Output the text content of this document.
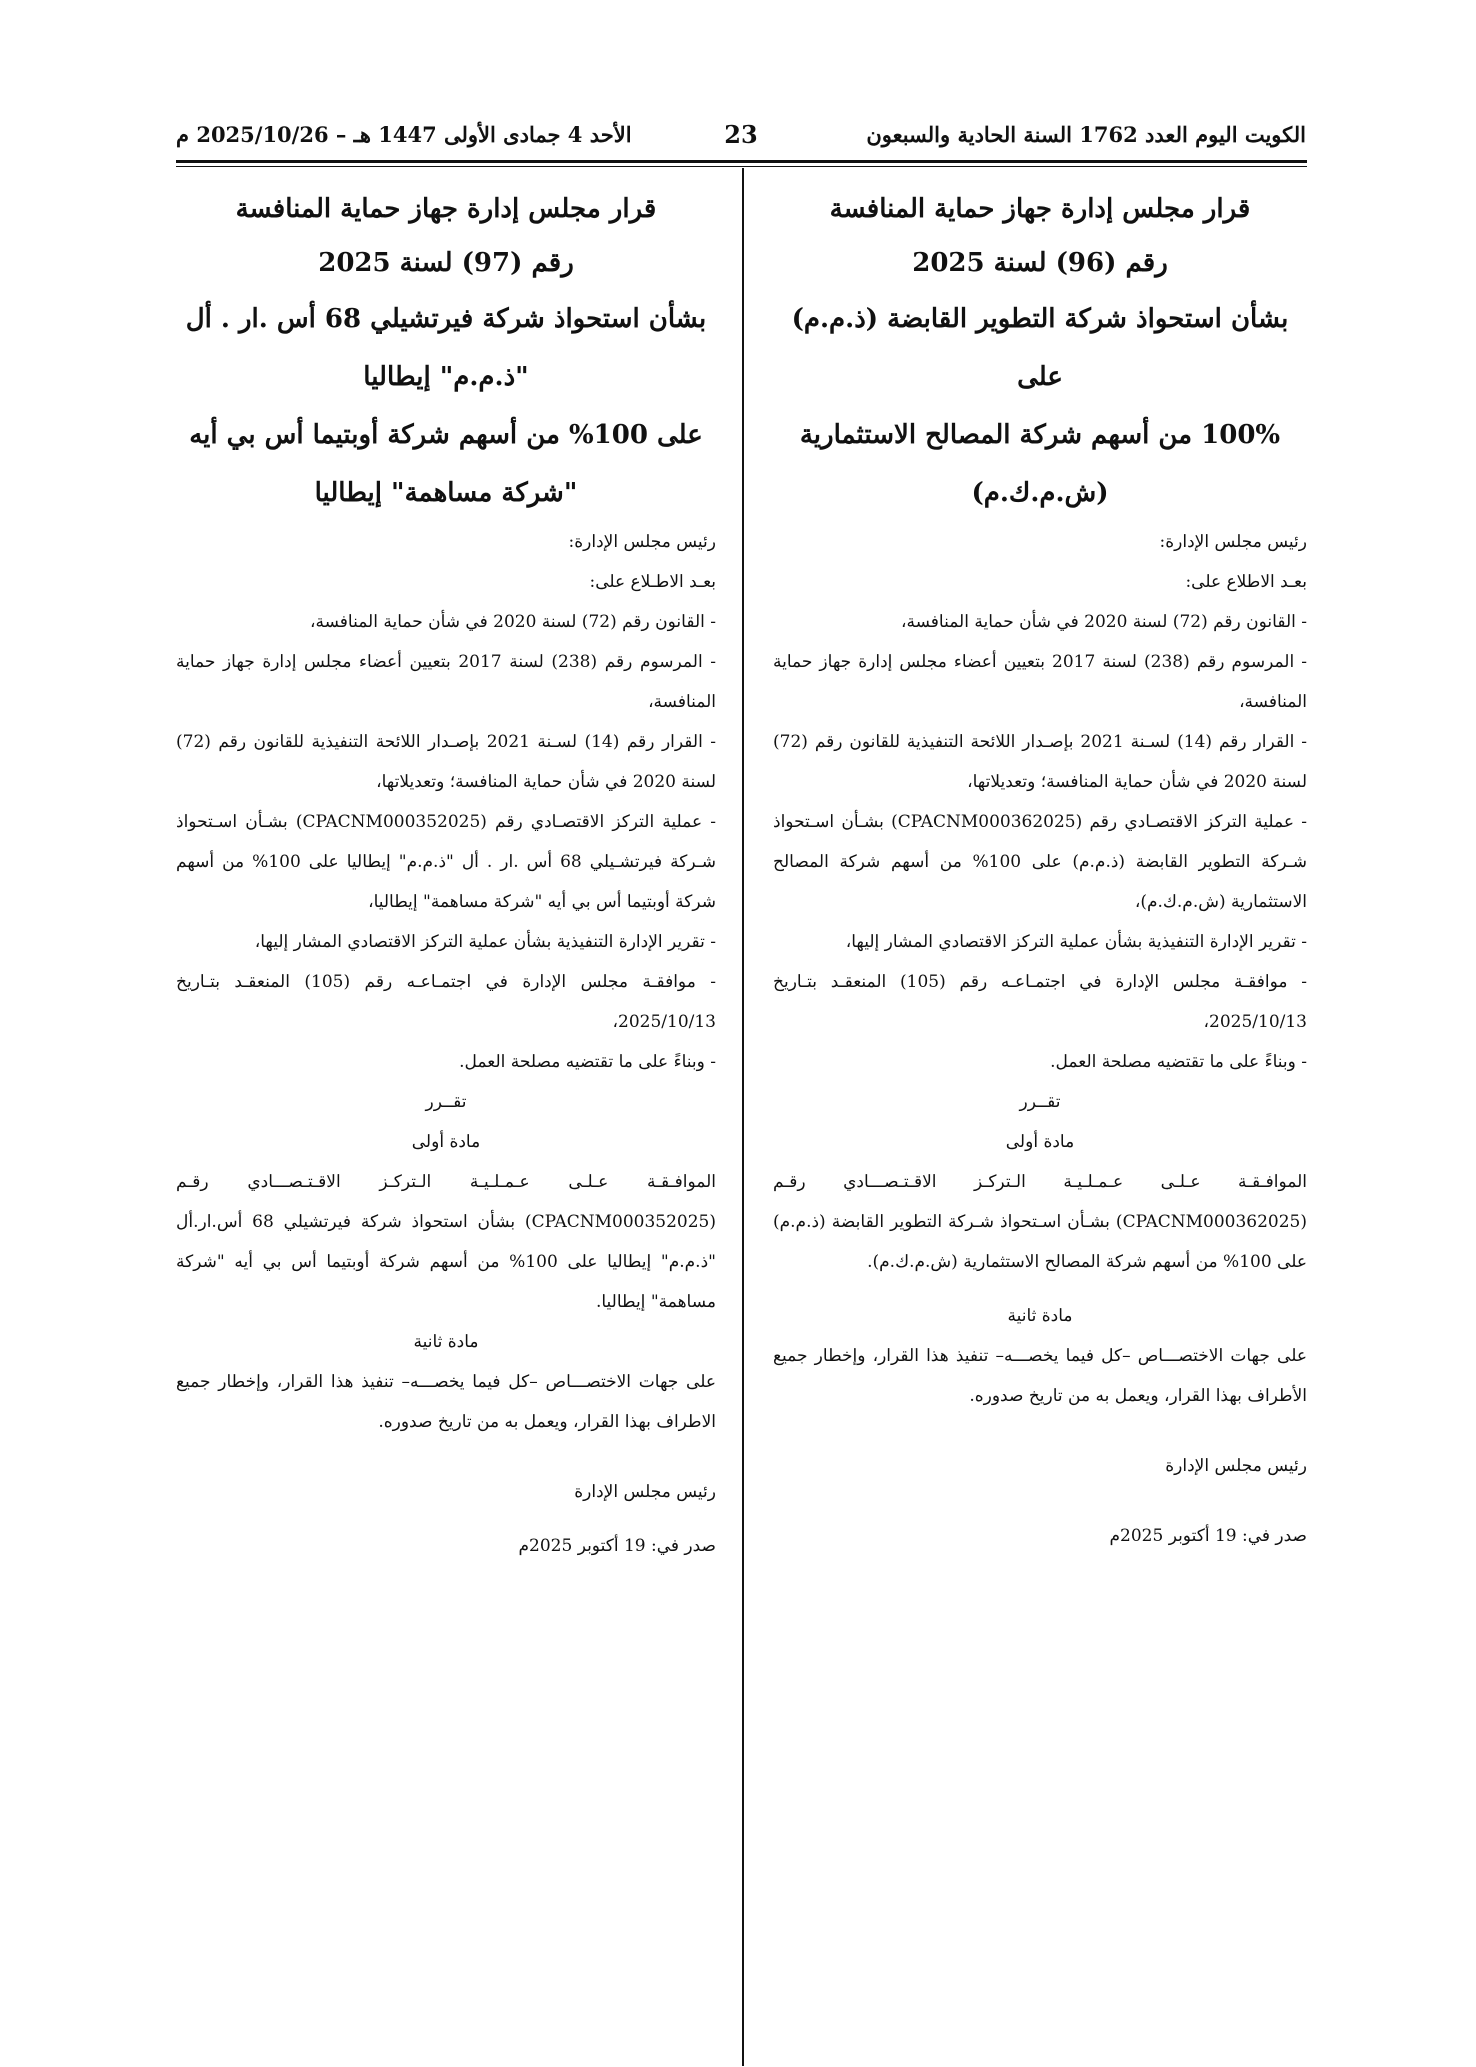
الكويت اليوم العدد 1762 السنة الحادية والسبعون
23
الأحد 4 جمادى الأولى 1447 هـ – 2025/10/26 م

قرار مجلس إدارة جهاز حماية المنافسة

رقم (96) لسنة 2025

بشأن استحواذ شركة التطوير القابضة (ذ.م.م) على

100% من أسهم شركة المصالح الاستثمارية

(ش.م.ك.م)

رئيس مجلس الإدارة:

بعـد الاطلاع على:

- القانون رقم (72) لسنة 2020 في شأن حماية المنافسة،

- المرسوم رقم (238) لسنة 2017 بتعيين أعضاء مجلس إدارة جهاز حماية المنافسة،

- القرار رقم (14) لسـنة 2021 بإصـدار اللائحة التنفيذية للقانون رقم (72) لسنة 2020 في شأن حماية المنافسة؛ وتعديلاتها،

- عملية التركز الاقتصـادي رقم (CPACNM000362025) بشـأن اسـتحواذ شـركة التطوير القابضة (ذ.م.م) على 100% من أسهم شركة المصالح الاستثمارية (ش.م.ك.م)،

- تقرير الإدارة التنفيذية بشأن عملية التركز الاقتصادي المشار إليها،

- موافقـة مجلس الإدارة في اجتمـاعـه رقم (105) المنعقـد بتـاريخ 2025/10/13،

- وبناءً على ما تقتضيه مصلحة العمل.

تقــرر

مادة أولى

الموافـقـة عـلـى عـمـلـيـة الـتركـز الاقـتـصـــادي رقـم (CPACNM000362025) بشـأن اسـتحواذ شـركة التطوير القابضة (ذ.م.م) على 100% من أسهم شركة المصالح الاستثمارية (ش.م.ك.م).

مادة ثانية

على جهات الاختصـــاص –كل فيما يخصـــه– تنفيذ هذا القرار، وإخطار جميع الأطراف بهذا القرار، ويعمل به من تاريخ صدوره.

رئيس مجلس الإدارة

صدر في: 19 أكتوبر 2025م

قرار مجلس إدارة جهاز حماية المنافسة

رقم (97) لسنة 2025

بشأن استحواذ شركة فيرتشيلي 68 أس .ار . أل

"ذ.م.م" إيطاليا

على 100% من أسهم شركة أوبتيما أس بي أيه

"شركة مساهمة" إيطاليا

رئيس مجلس الإدارة:

بعـد الاطـلاع على:

- القانون رقم (72) لسنة 2020 في شأن حماية المنافسة،

- المرسوم رقم (238) لسنة 2017 بتعيين أعضاء مجلس إدارة جهاز حماية المنافسة،

- القرار رقم (14) لسـنة 2021 بإصـدار اللائحة التنفيذية للقانون رقم (72) لسنة 2020 في شأن حماية المنافسة؛ وتعديلاتها،

- عملية التركز الاقتصـادي رقم (CPACNM000352025) بشـأن اسـتحواذ شـركة فيرتشـيلي 68 أس .ار . أل "ذ.م.م" إيطاليا على 100% من أسهم شركة أوبتيما أس بي أيه "شركة مساهمة" إيطاليا،

- تقرير الإدارة التنفيذية بشأن عملية التركز الاقتصادي المشار إليها،

- موافقـة مجلس الإدارة في اجتمـاعـه رقم (105) المنعقـد بتـاريخ 2025/10/13،

- وبناءً على ما تقتضيه مصلحة العمل.

تقــرر

مادة أولى

الموافـقـة عـلـى عـمـلـيـة الـتركـز الاقـتـصـــادي رقـم (CPACNM000352025) بشأن استحواذ شركة فيرتشيلي 68 أس.ار.أل "ذ.م.م" إيطاليا على 100% من أسهم شركة أوبتيما أس بي أيه "شركة مساهمة" إيطاليا.

مادة ثانية

على جهات الاختصـــاص –كل فيما يخصـــه– تنفيذ هذا القرار، وإخطار جميع الاطراف بهذا القرار، ويعمل به من تاريخ صدوره.

رئيس مجلس الإدارة

صدر في: 19 أكتوبر 2025م
